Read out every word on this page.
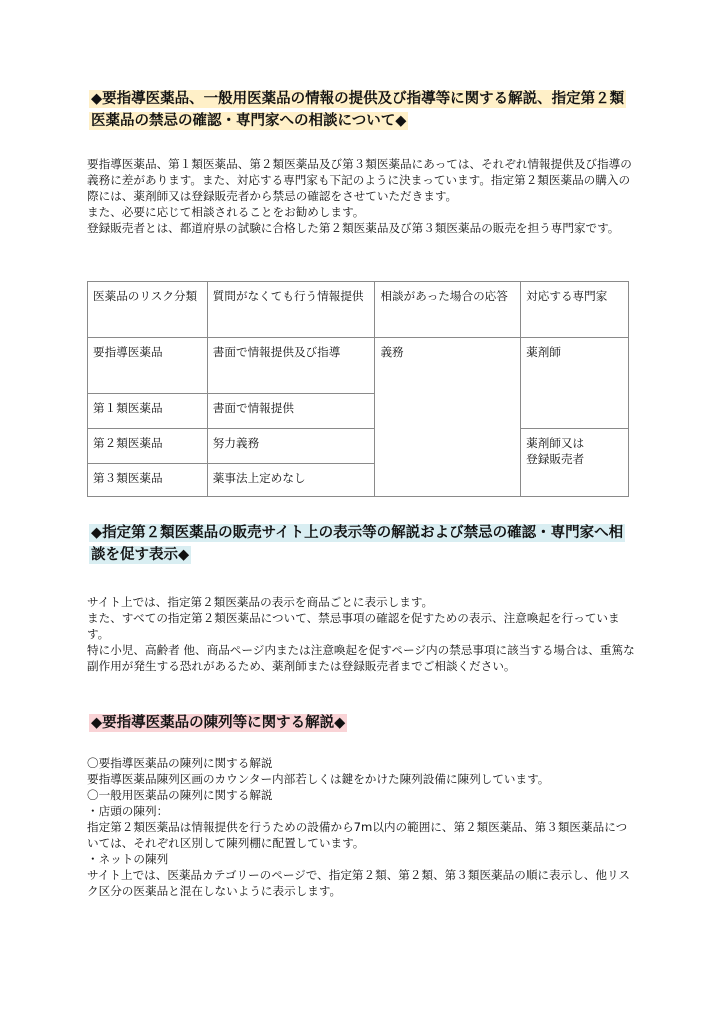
◆要指導医薬品、一般用医薬品の情報の提供及び指導等に関する解説、指定第２類医薬品の禁忌の確認・専門家への相談について◆

要指導医薬品、第１類医薬品、第２類医薬品及び第３類医薬品にあっては、それぞれ情報提供及び指導の義務に差があります。また、対応する専門家も下記のように決まっています。指定第２類医薬品の購入の際には、薬剤師又は登録販売者から禁忌の確認をさせていただきます。
また、必要に応じて相談されることをお勧めします。
登録販売者とは、都道府県の試験に合格した第２類医薬品及び第３類医薬品の販売を担う専門家です。

医薬品のリスク分類	質問がなくても行う情報提供	相談があった場合の応答	対応する専門家
要指導医薬品	書面で情報提供及び指導	義務	薬剤師
第１類医薬品	書面で情報提供		
第２類医薬品	努力義務		薬剤師又は
登録販売者
第３類医薬品	薬事法上定めなし		

◆指定第２類医薬品の販売サイト上の表示等の解説および禁忌の確認・専門家へ相談を促す表示◆

サイト上では、指定第２類医薬品の表示を商品ごとに表示します。
また、すべての指定第２類医薬品について、禁忌事項の確認を促すための表示、注意喚起を行っています。
特に小児、高齢者 他、商品ページ内または注意喚起を促すページ内の禁忌事項に該当する場合は、重篤な副作用が発生する恐れがあるため、薬剤師または登録販売者までご相談ください。

◆要指導医薬品の陳列等に関する解説◆

〇要指導医薬品の陳列に関する解説
要指導医薬品陳列区画のカウンター内部若しくは鍵をかけた陳列設備に陳列しています。
〇一般用医薬品の陳列に関する解説
・店頭の陳列：
指定第２類医薬品は情報提供を行うための設備から7m以内の範囲に、第２類医薬品、第３類医薬品については、それぞれ区別して陳列棚に配置しています。
・ネットの陳列
サイト上では、医薬品カテゴリーのページで、指定第２類、第２類、第３類医薬品の順に表示し、他リスク区分の医薬品と混在しないように表示します。
